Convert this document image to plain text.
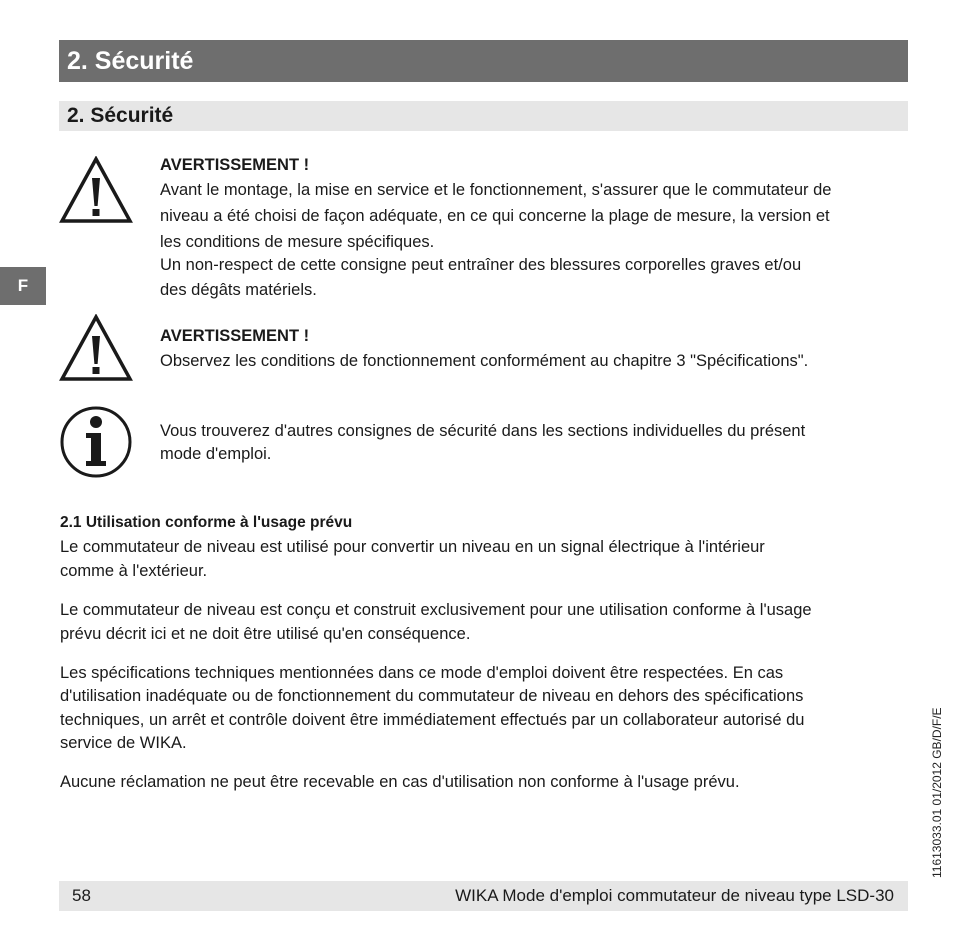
2. Sécurité
2. Sécurité
F
AVERTISSEMENT !
Avant le montage, la mise en service et le fonctionnement, s'assurer que le commutateur de
niveau a été choisi de façon adéquate, en ce qui concerne la plage de mesure, la version et
les conditions de mesure spécifiques.
Un non-respect de cette consigne peut entraîner des blessures corporelles graves et/ou
des dégâts matériels.
AVERTISSEMENT !
Observez les conditions de fonctionnement conformément au chapitre 3 "Spécifications".
Vous trouverez d'autres consignes de sécurité dans les sections individuelles du présent
mode d'emploi.
2.1 Utilisation conforme à l'usage prévu
Le commutateur de niveau est utilisé pour convertir un niveau en un signal électrique à l'intérieur
comme à l'extérieur.
Le commutateur de niveau est conçu et construit exclusivement pour une utilisation conforme à l'usage
prévu décrit ici et ne doit être utilisé qu'en conséquence.
Les spécifications techniques mentionnées dans ce mode d'emploi doivent être respectées. En cas
d'utilisation inadéquate ou de fonctionnement du commutateur de niveau en dehors des spécifications
techniques, un arrêt et contrôle doivent être immédiatement effectués par un collaborateur autorisé du
service de WIKA.
Aucune réclamation ne peut être recevable en cas d'utilisation non conforme à l'usage prévu.
58	WIKA Mode d'emploi commutateur de niveau type LSD-30
11613033.01 01/2012 GB/D/F/E
